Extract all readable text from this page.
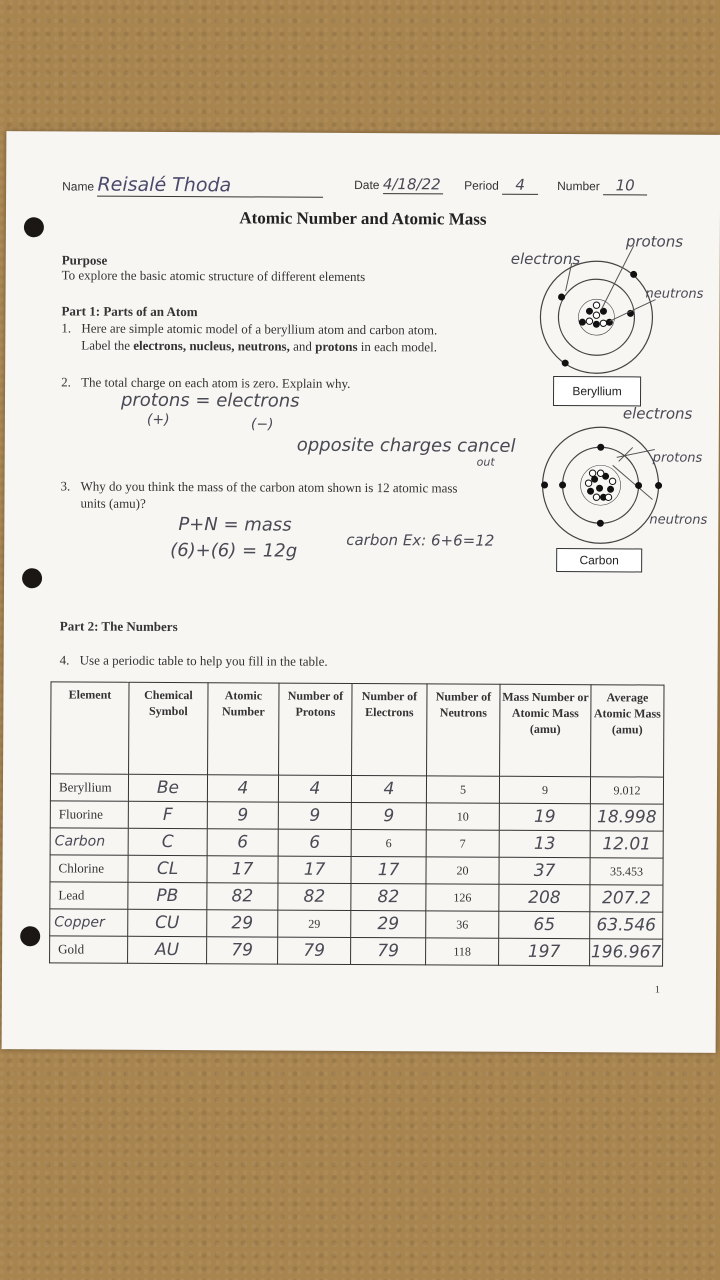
Name Reisalé Thoda	Date 4/18/22 Period 4	Number 10
Atomic Number and Atomic Mass
Purpose
To explore the basic atomic structure of different elements
Part 1: Parts of an Atom
1. Here are simple atomic model of a beryllium atom and carbon atom.
Label the electrons, nucleus, neutrons, and protons in each model.
2. The total charge on each atom is zero. Explain why.
protons = electrons
(+)	(−)
opposite charges cancel
out
3. Why do you think the mass of the carbon atom shown is 12 atomic mass
units (amu)?
P+N = mass
(6)+(6) = 12g	carbon Ex: 6+6=12
electrons
protons
neutrons
Beryllium
electrons
protons
neutrons
Carbon
Part 2: The Numbers
4. Use a periodic table to help you fill in the table.
Element	Chemical Symbol	Atomic Number	Number of Protons	Number of Electrons	Number of Neutrons	Mass Number or Atomic Mass (amu)	Average Atomic Mass (amu)
Beryllium	Be	4	4	4	5	9	9.012
Fluorine	F	9	9	9	10	19	18.998
Carbon	C	6	6	6	7	13	12.01
Chlorine	CL	17	17	17	20	37	35.453
Lead	PB	82	82	82	126	208	207.2
Copper	CU	29	29	29	36	65	63.546
Gold	AU	79	79	79	118	197	196.967
1
